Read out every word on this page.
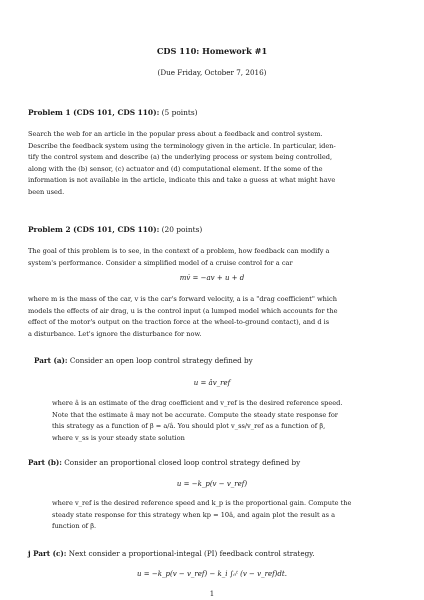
CDS 110: Homework #1
(Due Friday, October 7, 2016)
Problem 1 (CDS 101, CDS 110): (5 points)
Search the web for an article in the popular press about a feedback and control system.
Describe the feedback system using the terminology given in the article. In particular, iden-
tify the control system and describe (a) the underlying process or system being controlled,
along with the (b) sensor, (c) actuator and (d) computational element. If the some of the
information is not available in the article, indicate this and take a guess at what might have
been used.
Problem 2 (CDS 101, CDS 110): (20 points)
The goal of this problem is to see, in the context of a problem, how feedback can modify a
system's performance. Consider a simplified model of a cruise control for a car
mv̇ = −av + u + d
where m is the mass of the car, v is the car's forward velocity, a is a "drag coefficient" which
models the effects of air drag, u is the control input (a lumped model which accounts for the
effect of the motor's output on the traction force at the wheel-to-ground contact), and d is
a disturbance. Let's ignore the disturbance for now.
Part (a): Consider an open loop control strategy defined by
u = âv_ref
where â is an estimate of the drag coefficient and v_ref is the desired reference speed.
Note that the estimate â may not be accurate. Compute the steady state response for
this strategy as a function of β = a/â. You should plot v_ss/v_ref as a function of β,
where v_ss is your steady state solution
Part (b): Consider an proportional closed loop control strategy defined by
u = −k_p(v − v_ref)
where v_ref is the desired reference speed and k_p is the proportional gain. Compute the
steady state response for this strategy when kp = 10â, and again plot the result as a
function of β.
j Part (c): Next consider a proportional-integal (PI) feedback control strategy.
u = −k_p(v − v_ref) − k_i ∫₀ᵗ (v − v_ref)dt.
1
